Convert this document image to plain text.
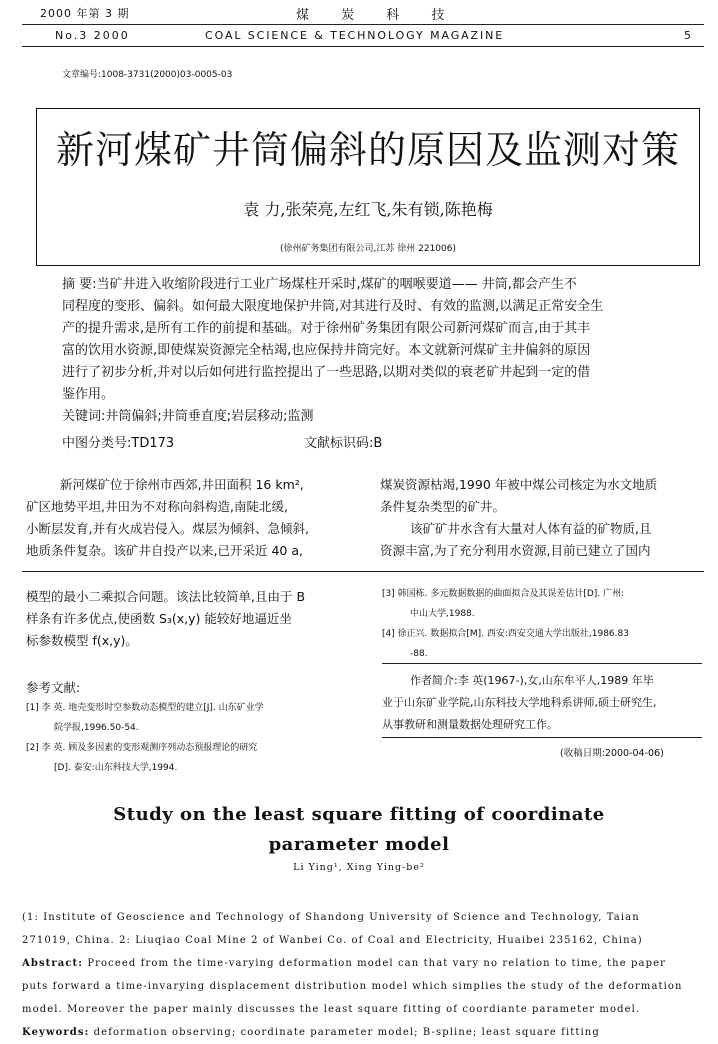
2000 年第 3 期	煤 炭 科 技
No.3 2000	COAL SCIENCE & TECHNOLOGY MAGAZINE	5
文章编号:1008-3731(2000)03-0005-03
新河煤矿井筒偏斜的原因及监测对策
袁 力,张荣亮,左红飞,朱有锁,陈艳梅
(徐州矿务集团有限公司,江苏 徐州 221006)
摘 要:当矿井进入收缩阶段进行工业广场煤柱开采时,煤矿的咽喉要道—— 井筒,都会产生不
同程度的变形、偏斜。如何最大限度地保护井筒,对其进行及时、有效的监测,以满足正常安全生
产的提升需求,是所有工作的前提和基础。对于徐州矿务集团有限公司新河煤矿而言,由于其丰
富的饮用水资源,即使煤炭资源完全枯竭,也应保持井筒完好。本文就新河煤矿主井偏斜的原因
进行了初步分析,并对以后如何进行监控提出了一些思路,以期对类似的衰老矿井起到一定的借
鉴作用。
关键词:井筒偏斜;井筒垂直度;岩层移动;监测
中图分类号:TD173	文献标识码:B
新河煤矿位于徐州市西郊,井田面积 16 km²,
矿区地势平坦,井田为不对称向斜构造,南陡北缓,
小断层发育,并有火成岩侵入。煤层为倾斜、急倾斜,
地质条件复杂。该矿井自投产以来,已开采近 40 a,
煤炭资源枯竭,1990 年被中煤公司核定为水文地质
条件复杂类型的矿井。
该矿矿井水含有大量对人体有益的矿物质,且
资源丰富,为了充分利用水资源,目前已建立了国内
模型的最小二乘拟合问题。该法比较简单,且由于 B
样条有许多优点,使函数 S₃(x,y) 能较好地逼近坐
标参数模型 f(x,y)。
参考文献:
[1] 李 英. 地壳变形时空参数动态模型的建立[J]. 山东矿业学
院学报,1996.50-54.
[2] 李 英. 顾及多因素的变形观测序列动态预报理论的研究
[D]. 泰安:山东科技大学,1994.
[3] 韩国栋. 多元数据数据的曲面拟合及其误差估计[D]. 广州:
中山大学,1988.
[4] 徐正兴. 数据拟合[M]. 西安:西安交通大学出版社,1986.83
-88.
作者简介:李 英(1967-),女,山东牟平人,1989 年毕
业于山东矿业学院,山东科技大学地科系讲师,硕士研究生,
从事教研和测量数据处理研究工作。
(收稿日期:2000-04-06)
Study on the least square fitting of coordinate
parameter model
Li Ying¹, Xing Ying-be²
(1: Institute of Geoscience and Technology of Shandong University of Science and Technology, Taian
271019, China. 2: Liuqiao Coal Mine 2 of Wanbei Co. of Coal and Electricity, Huaibei 235162, China)
Abstract: Proceed from the time-varying deformation model can that vary no relation to time, the paper
puts forward a time-invarying displacement distribution model which simplies the study of the deformation
model. Moreover the paper mainly discusses the least square fitting of coordiante parameter model.
Keywords: deformation observing; coordinate parameter model; B-spline; least square fitting
